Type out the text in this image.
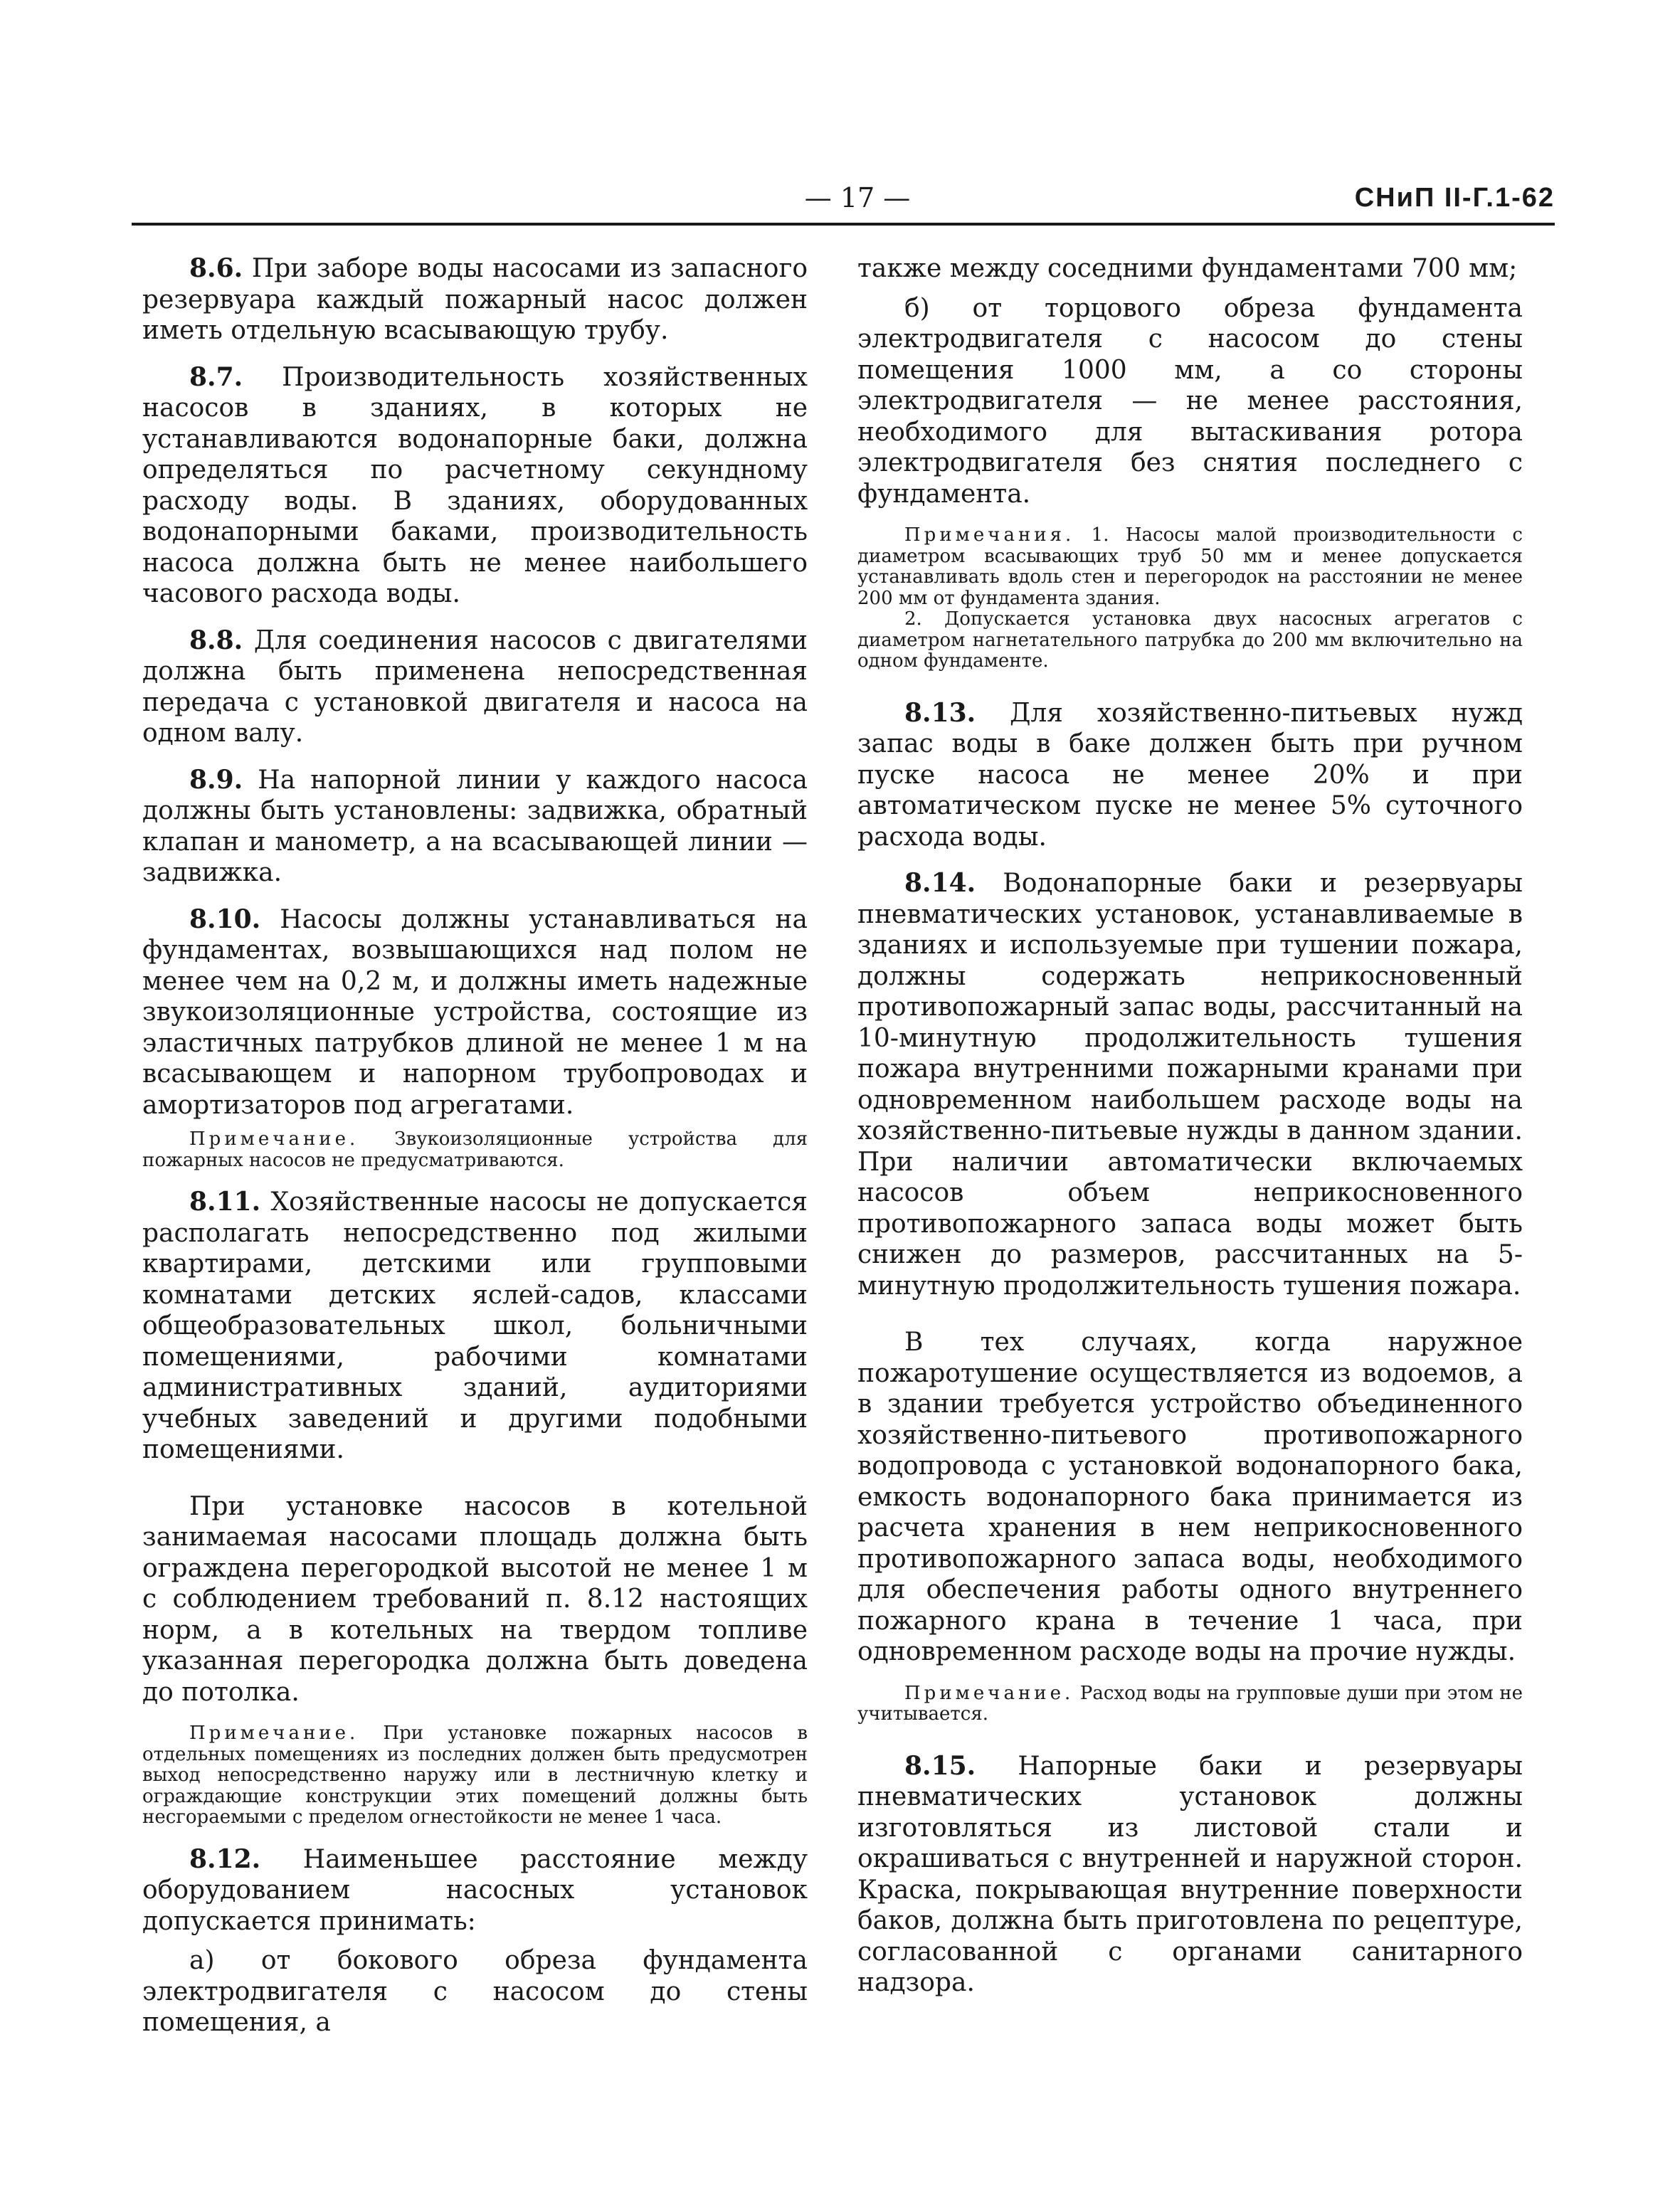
— 17 —	СНиП II-Г.1-62

8.6. При заборе воды насосами из запасного резервуара каждый пожарный насос должен иметь отдельную всасывающую трубу.

8.7. Производительность хозяйственных насосов в зданиях, в которых не устанавливаются водонапорные баки, должна определяться по расчетному секундному расходу воды. В зданиях, оборудованных водонапорными баками, производительность насоса должна быть не менее наибольшего часового расхода воды.

8.8. Для соединения насосов с двигателями должна быть применена непосредственная передача с установкой двигателя и насоса на одном валу.

8.9. На напорной линии у каждого насоса должны быть установлены: задвижка, обратный клапан и манометр, а на всасывающей линии — задвижка.

8.10. Насосы должны устанавливаться на фундаментах, возвышающихся над полом не менее чем на 0,2 м, и должны иметь надежные звукоизоляционные устройства, состоящие из эластичных патрубков длиной не менее 1 м на всасывающем и напорном трубопроводах и амортизаторов под агрегатами.

Примечание. Звукоизоляционные устройства для пожарных насосов не предусматриваются.

8.11. Хозяйственные насосы не допускается располагать непосредственно под жилыми квартирами, детскими или групповыми комнатами детских яслей-садов, классами общеобразовательных школ, больничными помещениями, рабочими комнатами административных зданий, аудиториями учебных заведений и другими подобными помещениями.

При установке насосов в котельной занимаемая насосами площадь должна быть ограждена перегородкой высотой не менее 1 м с соблюдением требований п. 8.12 настоящих норм, а в котельных на твердом топливе указанная перегородка должна быть доведена до потолка.

Примечание. При установке пожарных насосов в отдельных помещениях из последних должен быть предусмотрен выход непосредственно наружу или в лестничную клетку и ограждающие конструкции этих помещений должны быть несгораемыми с пределом огнестойкости не менее 1 часа.

8.12. Наименьшее расстояние между оборудованием насосных установок допускается принимать:

а) от бокового обреза фундамента электродвигателя с насосом до стены помещения, а

также между соседними фундаментами 700 мм;

б) от торцового обреза фундамента электродвигателя с насосом до стены помещения 1000 мм, а со стороны электродвигателя — не менее расстояния, необходимого для вытаскивания ротора электродвигателя без снятия последнего с фундамента.

Примечания. 1. Насосы малой производительности с диаметром всасывающих труб 50 мм и менее допускается устанавливать вдоль стен и перегородок на расстоянии не менее 200 мм от фундамента здания.

2. Допускается установка двух насосных агрегатов с диаметром нагнетательного патрубка до 200 мм включительно на одном фундаменте.

8.13. Для хозяйственно-питьевых нужд запас воды в баке должен быть при ручном пуске насоса не менее 20% и при автоматическом пуске не менее 5% суточного расхода воды.

8.14. Водонапорные баки и резервуары пневматических установок, устанавливаемые в зданиях и используемые при тушении пожара, должны содержать неприкосновенный противопожарный запас воды, рассчитанный на 10-минутную продолжительность тушения пожара внутренними пожарными кранами при одновременном наибольшем расходе воды на хозяйственно-питьевые нужды в данном здании. При наличии автоматически включаемых насосов объем неприкосновенного противопожарного запаса воды может быть снижен до размеров, рассчитанных на 5-минутную продолжительность тушения пожара.

В тех случаях, когда наружное пожаротушение осуществляется из водоемов, а в здании требуется устройство объединенного хозяйственно-питьевого противопожарного водопровода с установкой водонапорного бака, емкость водонапорного бака принимается из расчета хранения в нем неприкосновенного противопожарного запаса воды, необходимого для обеспечения работы одного внутреннего пожарного крана в течение 1 часа, при одновременном расходе воды на прочие нужды.

Примечание. Расход воды на групповые души при этом не учитывается.

8.15. Напорные баки и резервуары пневматических установок должны изготовляться из листовой стали и окрашиваться с внутренней и наружной сторон. Краска, покрывающая внутренние поверхности баков, должна быть приготовлена по рецептуре, согласованной с органами санитарного надзора.
